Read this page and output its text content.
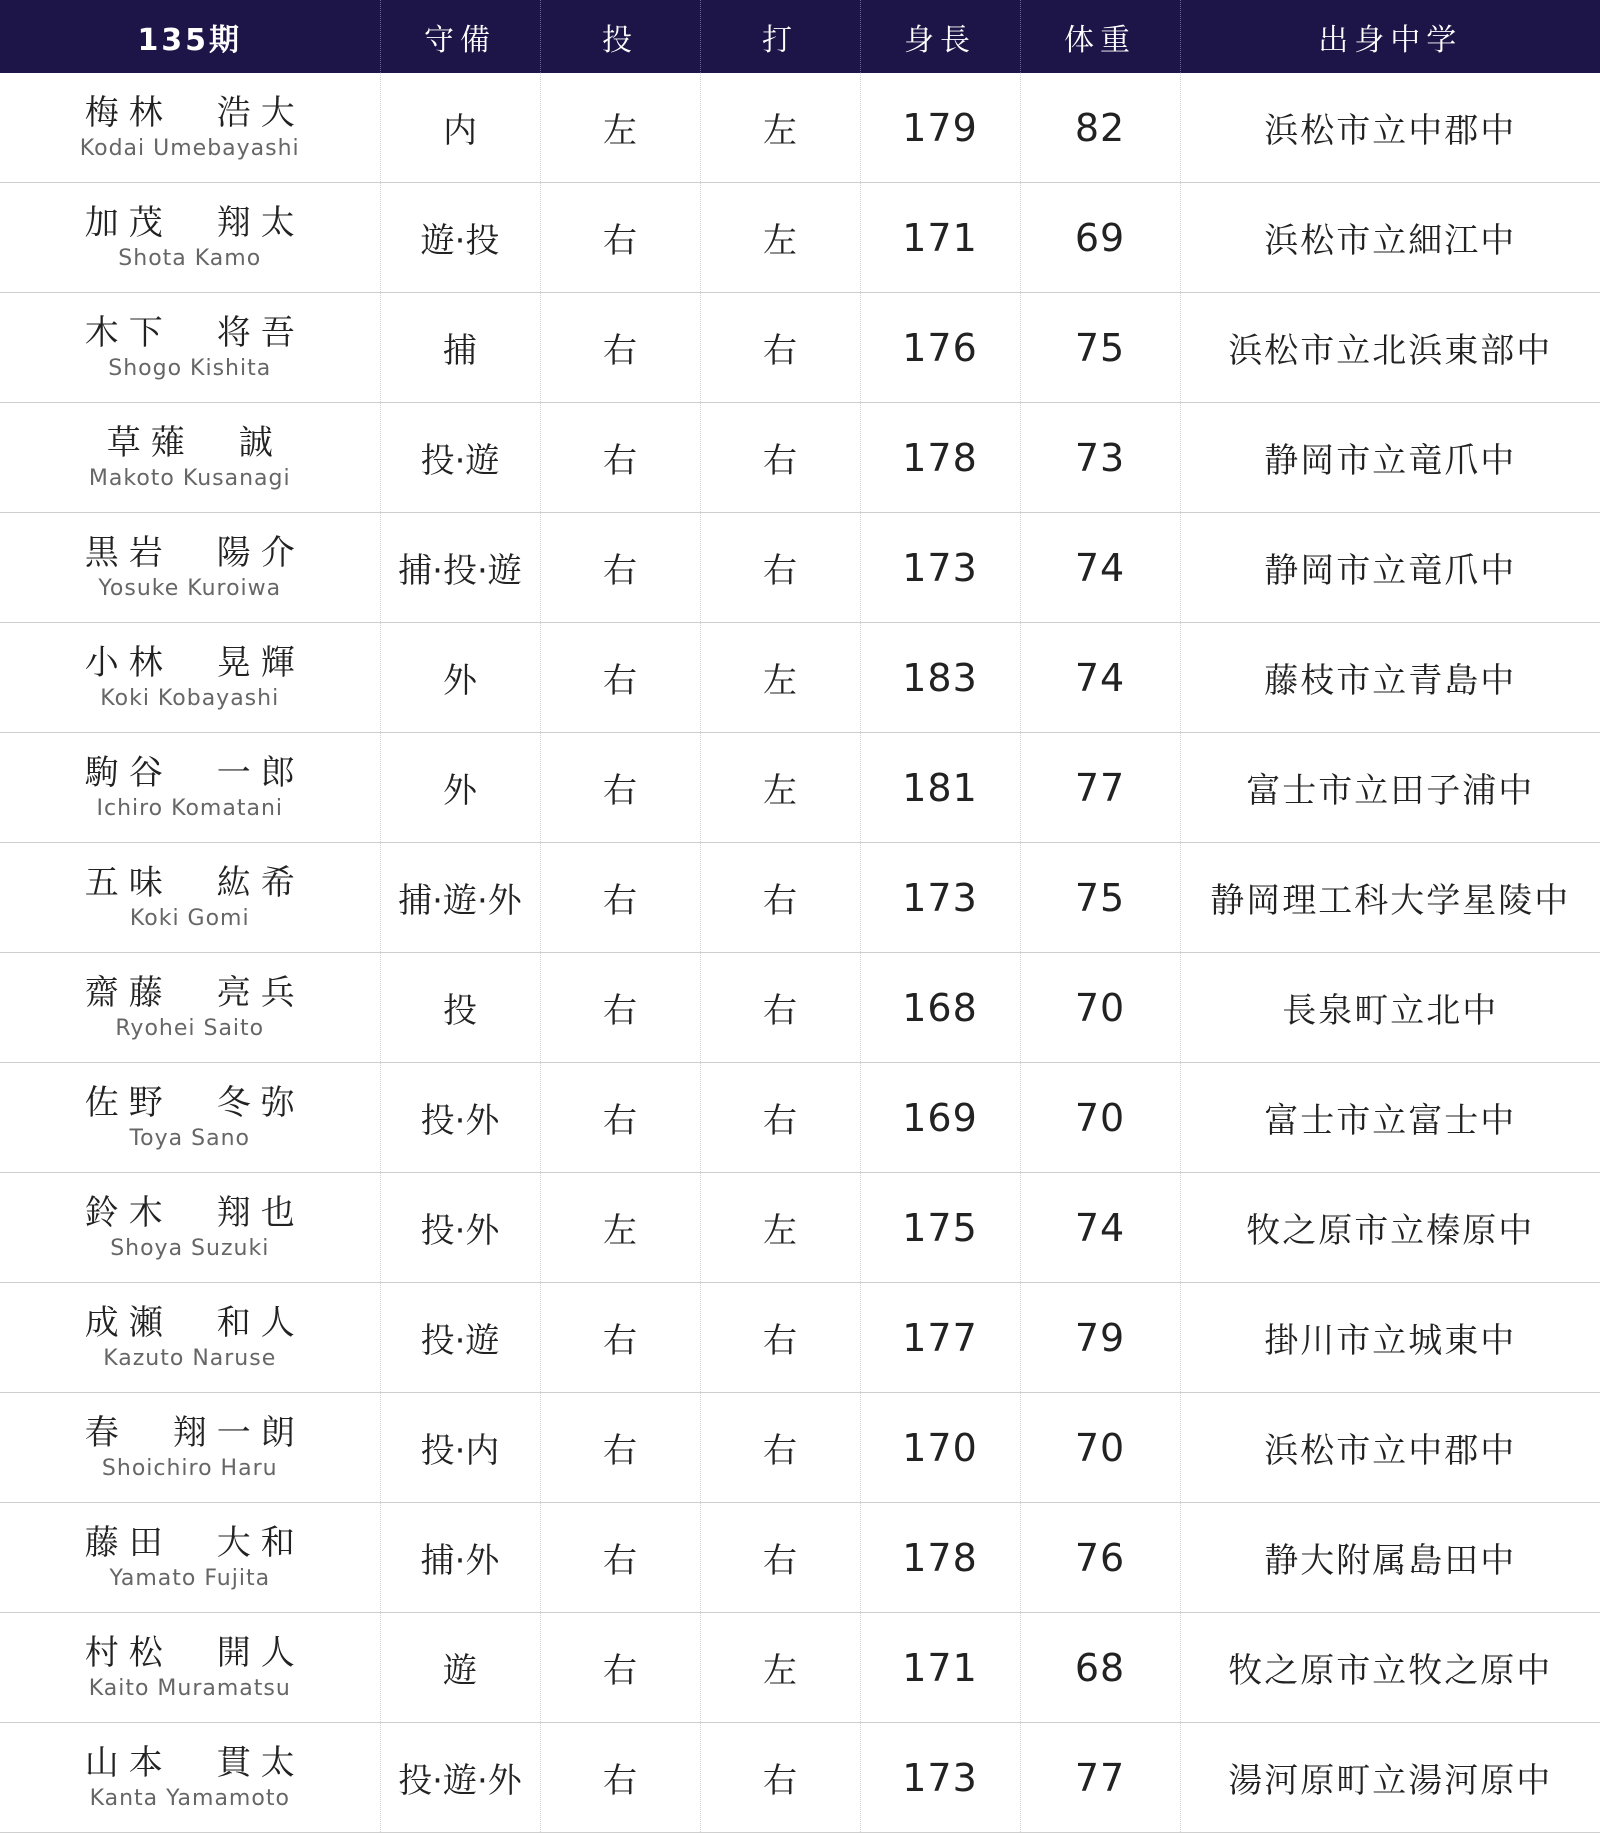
135期	守備	投	打	身長	体重	出身中学

梅林　浩大
Kodai Umebayashi	内	左	左	179	82	浜松市立中郡中

加茂　翔太
Shota Kamo	遊·投	右	左	171	69	浜松市立細江中

木下　将吾
Shogo Kishita	捕	右	右	176	75	浜松市立北浜東部中

草薙　誠
Makoto Kusanagi	投·遊	右	右	178	73	静岡市立竜爪中

黒岩　陽介
Yosuke Kuroiwa	捕·投·遊	右	右	173	74	静岡市立竜爪中

小林　晃輝
Koki Kobayashi	外	右	左	183	74	藤枝市立青島中

駒谷　一郎
Ichiro Komatani	外	右	左	181	77	富士市立田子浦中

五味　紘希
Koki Gomi	捕·遊·外	右	右	173	75	静岡理工科大学星陵中

齋藤　亮兵
Ryohei Saito	投	右	右	168	70	長泉町立北中

佐野　冬弥
Toya Sano	投·外	右	右	169	70	富士市立富士中

鈴木　翔也
Shoya Suzuki	投·外	左	左	175	74	牧之原市立榛原中

成瀬　和人
Kazuto Naruse	投·遊	右	右	177	79	掛川市立城東中

春　翔一朗
Shoichiro Haru	投·内	右	右	170	70	浜松市立中郡中

藤田　大和
Yamato Fujita	捕·外	右	右	178	76	静大附属島田中

村松　開人
Kaito Muramatsu	遊	右	左	171	68	牧之原市立牧之原中

山本　貫太
Kanta Yamamoto	投·遊·外	右	右	173	77	湯河原町立湯河原中
